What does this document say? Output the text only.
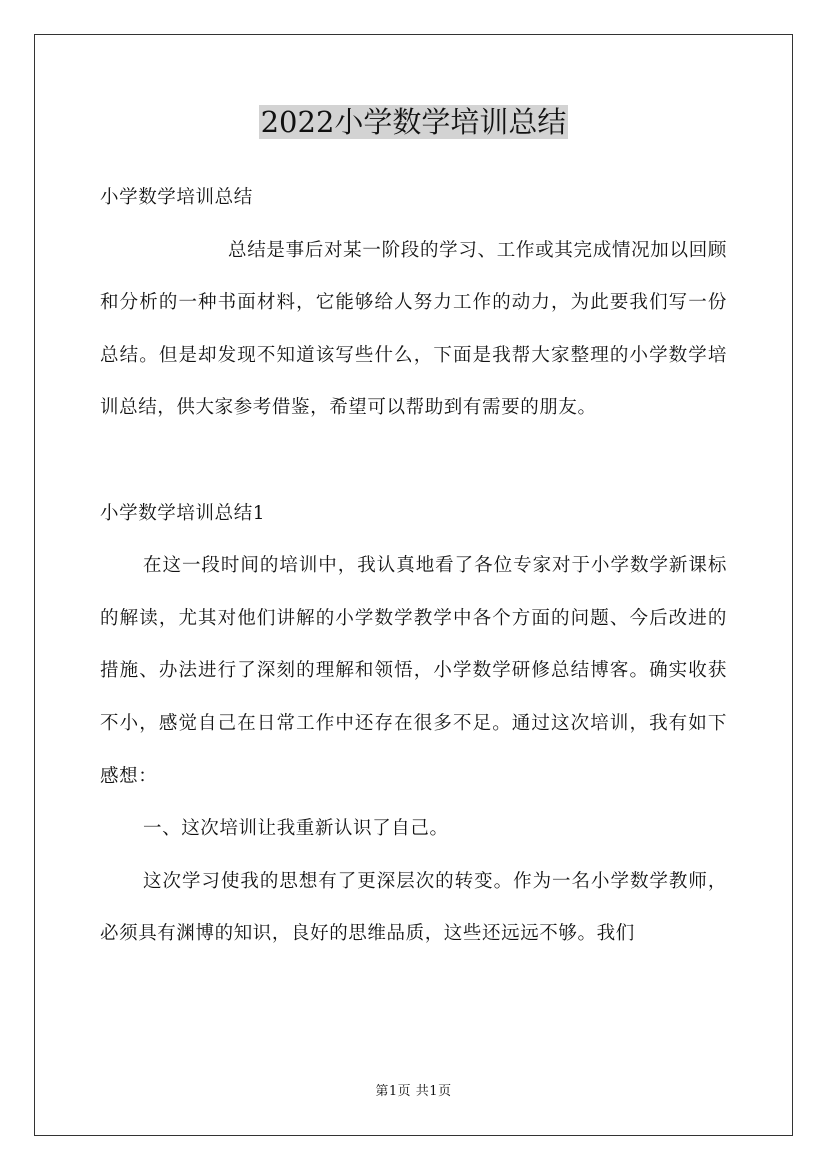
2022小学数学培训总结

小学数学培训总结

总结是事后对某一阶段的学习、工作或其完成情况加以回顾和分析的一种书面材料，它能够给人努力工作的动力，为此要我们写一份总结。但是却发现不知道该写些什么，下面是我帮大家整理的小学数学培训总结，供大家参考借鉴，希望可以帮助到有需要的朋友。

小学数学培训总结1

在这一段时间的培训中，我认真地看了各位专家对于小学数学新课标的解读，尤其对他们讲解的小学数学教学中各个方面的问题、今后改进的措施、办法进行了深刻的理解和领悟，小学数学研修总结博客。确实收获不小，感觉自己在日常工作中还存在很多不足。通过这次培训，我有如下感想：

一、这次培训让我重新认识了自己。

这次学习使我的思想有了更深层次的转变。作为一名小学数学教师，必须具有渊博的知识，良好的思维品质，这些还远远不够。我们

第1页 共1页
